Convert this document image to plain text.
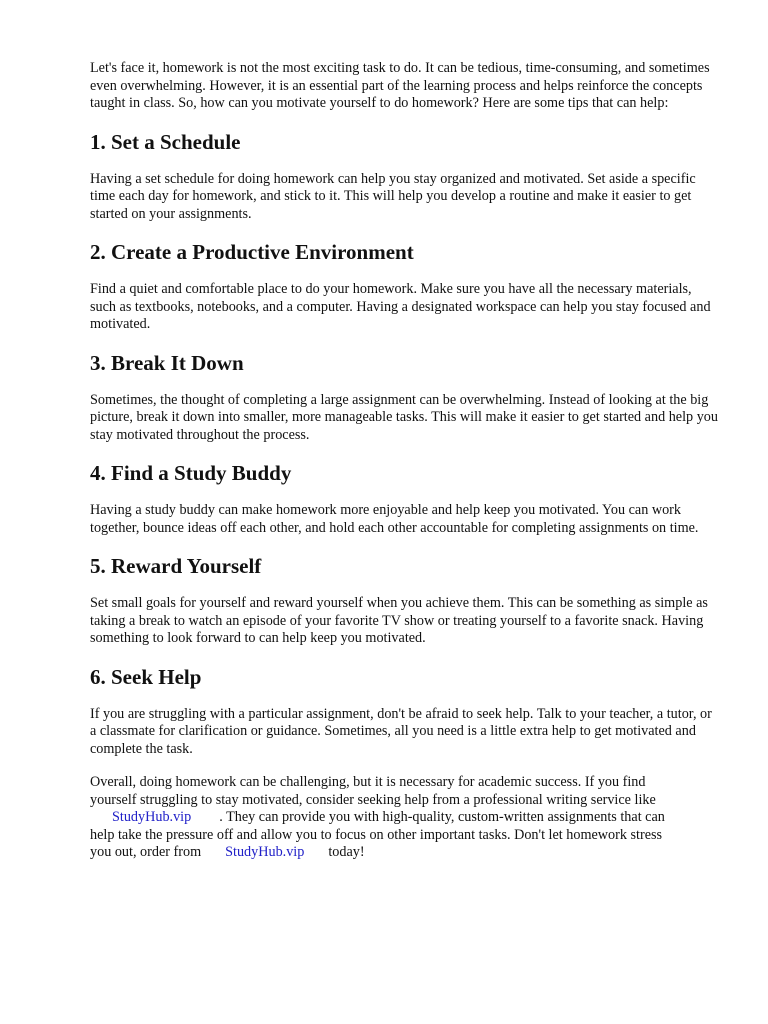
Let's face it, homework is not the most exciting task to do. It can be tedious, time-consuming, and sometimes even overwhelming. However, it is an essential part of the learning process and helps reinforce the concepts taught in class. So, how can you motivate yourself to do homework? Here are some tips that can help:

1. Set a Schedule

Having a set schedule for doing homework can help you stay organized and motivated. Set aside a specific time each day for homework, and stick to it. This will help you develop a routine and make it easier to get started on your assignments.

2. Create a Productive Environment

Find a quiet and comfortable place to do your homework. Make sure you have all the necessary materials, such as textbooks, notebooks, and a computer. Having a designated workspace can help you stay focused and motivated.

3. Break It Down

Sometimes, the thought of completing a large assignment can be overwhelming. Instead of looking at the big picture, break it down into smaller, more manageable tasks. This will make it easier to get started and help you stay motivated throughout the process.

4. Find a Study Buddy

Having a study buddy can make homework more enjoyable and help keep you motivated. You can work together, bounce ideas off each other, and hold each other accountable for completing assignments on time.

5. Reward Yourself

Set small goals for yourself and reward yourself when you achieve them. This can be something as simple as taking a break to watch an episode of your favorite TV show or treating yourself to a favorite snack. Having something to look forward to can help keep you motivated.

6. Seek Help

If you are struggling with a particular assignment, don't be afraid to seek help. Talk to your teacher, a tutor, or a classmate for clarification or guidance. Sometimes, all you need is a little extra help to get motivated and complete the task.

Overall, doing homework can be challenging, but it is necessary for academic success. If you find
yourself struggling to stay motivated, consider seeking help from a professional writing service like
StudyHub.vip . They can provide you with high-quality, custom-written assignments that can
help take the pressure off and allow you to focus on other important tasks. Don't let homework stress
you out, order from StudyHub.vip today!
